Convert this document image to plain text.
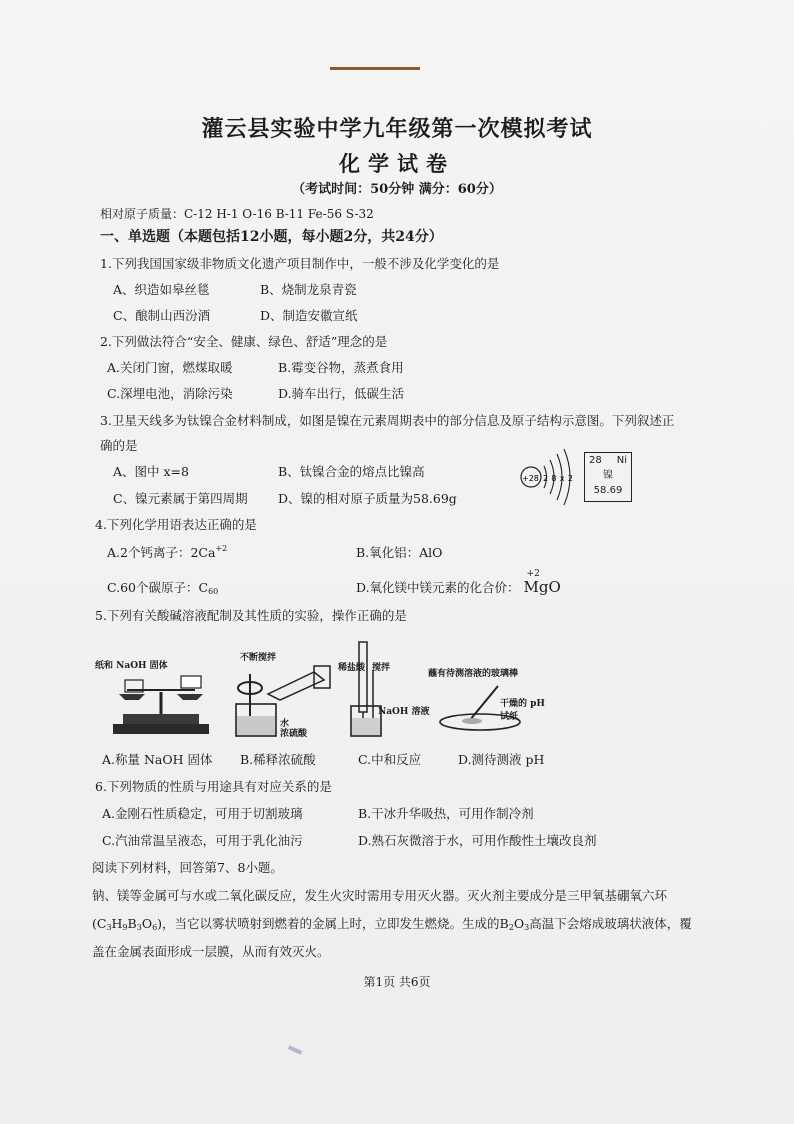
灌云县实验中学九年级第一次模拟考试
化学试卷
（考试时间：50分钟 满分：60分）
相对原子质量：C-12 H-1 O-16 B-11 Fe-56 S-32
一、单选题（本题包括12小题，每小题2分，共24分）
1.下列我国国家级非物质文化遗产项目制作中，一般不涉及化学变化的是
A、织造如皋丝毯	B、烧制龙泉青瓷
C、酿制山西汾酒	D、制造安徽宣纸
2.下列做法符合“安全、健康、绿色、舒适”理念的是
A.关闭门窗，燃煤取暖	B.霉变谷物，蒸煮食用
C.深埋电池，消除污染	D.骑车出行，低碳生活
3.卫星天线多为钛镍合金材料制成，如图是镍在元素周期表中的部分信息及原子结构示意图。下列叙述正
确的是
A、图中 x=8	B、钛镍合金的熔点比镍高
C、镍元素属于第四周期 D、镍的相对原子质量为58.69g
+28 2 8 x 2
28 Ni
镍
58.69
4.下列化学用语表达正确的是
A.2个钙离子：$2Ca^{+2}$	B.氧化铝：AlO
C.60个碳原子：$C_{60}$	D.氧化镁中镁元素的化合价：
+2
MgO
5.下列有关酸碱溶液配制及其性质的实验，操作正确的是
纸和 NaOH 固体
不断搅拌
水
浓硫酸
稀盐酸 搅拌
NaOH 溶液
蘸有待测溶液的玻璃棒
干燥的 pH试纸
A.称量 NaOH 固体 B.稀释浓硫酸	C.中和反应	D.测待测液 pH
6.下列物质的性质与用途具有对应关系的是
A.金刚石性质稳定，可用于切割玻璃	B.干冰升华吸热，可用作制冷剂
C.汽油常温呈液态，可用于乳化油污	D.熟石灰微溶于水，可用作酸性土壤改良剂
阅读下列材料，回答第7、8小题。
钠、镁等金属可与水或二氧化碳反应，发生火灾时需用专用灭火器。灭火剂主要成分是三甲氧基硼氧六环
$(C_3H_9B_3O_6)$，当它以雾状喷射到燃着的金属上时，立即发生燃烧。生成的$B_2O_3$高温下会熔成玻璃状液体，覆
盖在金属表面形成一层膜，从而有效灭火。
第1页 共6页
